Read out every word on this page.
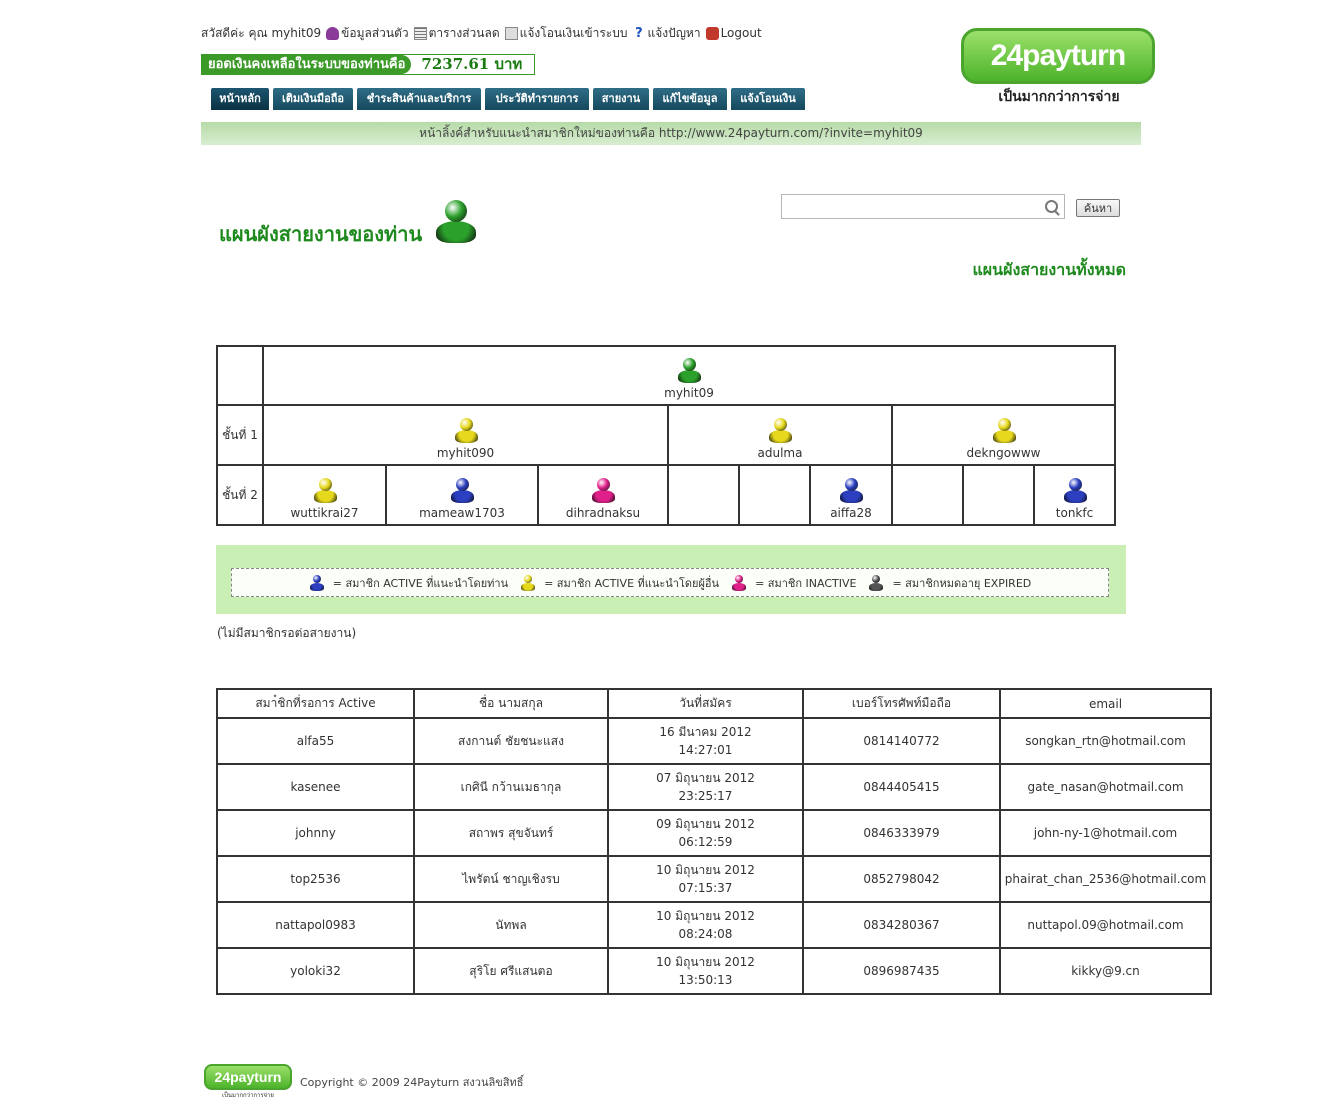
สวัสดีค่ะ คุณ myhit09 ข้อมูลส่วนตัว ตารางส่วนลด แจ้งโอนเงินเข้าระบบ ? แจ้งปัญหา Logout
ยอดเงินคงเหลือในระบบของท่านคือ	7237.61 บาท
หน้าหลัก	เติมเงินมือถือ	ชำระสินค้าและบริการ	ประวัติทำรายการ	สายงาน	แก้ไขข้อมูล	แจ้งโอนเงิน
24payturn
เป็นมากกว่าการจ่าย
หน้าลิ้งค์สำหรับแนะนำสมาชิกใหม่ของท่านคือ http://www.24payturn.com/?invite=myhit09
แผนผังสายงานของท่าน
ค้นหา
แผนผังสายงานทั้งหมด

	myhit09								

ชั้นที่ 1	myhit090			adulma			dekngowww		

ชั้นที่ 2	wuttikrai27	mameaw1703	dihradnaksu			aiffa28			tonkfc
= สมาชิก ACTIVE ที่แนะนำโดยท่าน	= สมาชิก ACTIVE ที่แนะนำโดยผู้อื่น	= สมาชิก INACTIVE	= สมาชิกหมดอายุ EXPIRED
(ไม่มีสมาชิกรอต่อสายงาน)
สมา๋ชิกที่รอการ Active	ชื่อ นามสกุล	วันที่สมัคร	เบอร์โทรศัพท์มือถือ	email

alfa55	สงกานต์ ชัยชนะแสง	16 มีนาคม 2012
14:27:01	0814140772	songkan_rtn@hotmail.com

kasenee	เกศินี กว้านเมธากุล	07 มิถุนายน 2012
23:25:17	0844405415	gate_nasan@hotmail.com

johnny	สถาพร สุขจันทร์	09 มิถุนายน 2012
06:12:59	0846333979	john-ny-1@hotmail.com

top2536	ไพรัตน์ ชาญเชิงรบ	10 มิถุนายน 2012
07:15:37	0852798042	phairat_chan_2536@hotmail.com

nattapol0983	นัทพล	10 มิถุนายน 2012
08:24:08	0834280367	nuttapol.09@hotmail.com

yoloki32	สุริโย ศรีแสนตอ	10 มิถุนายน 2012
13:50:13	0896987435	kikky@9.cn
24payturn
เป็นมากกว่าการจ่าย
Copyright © 2009 24Payturn สงวนลิขสิทธิ์
